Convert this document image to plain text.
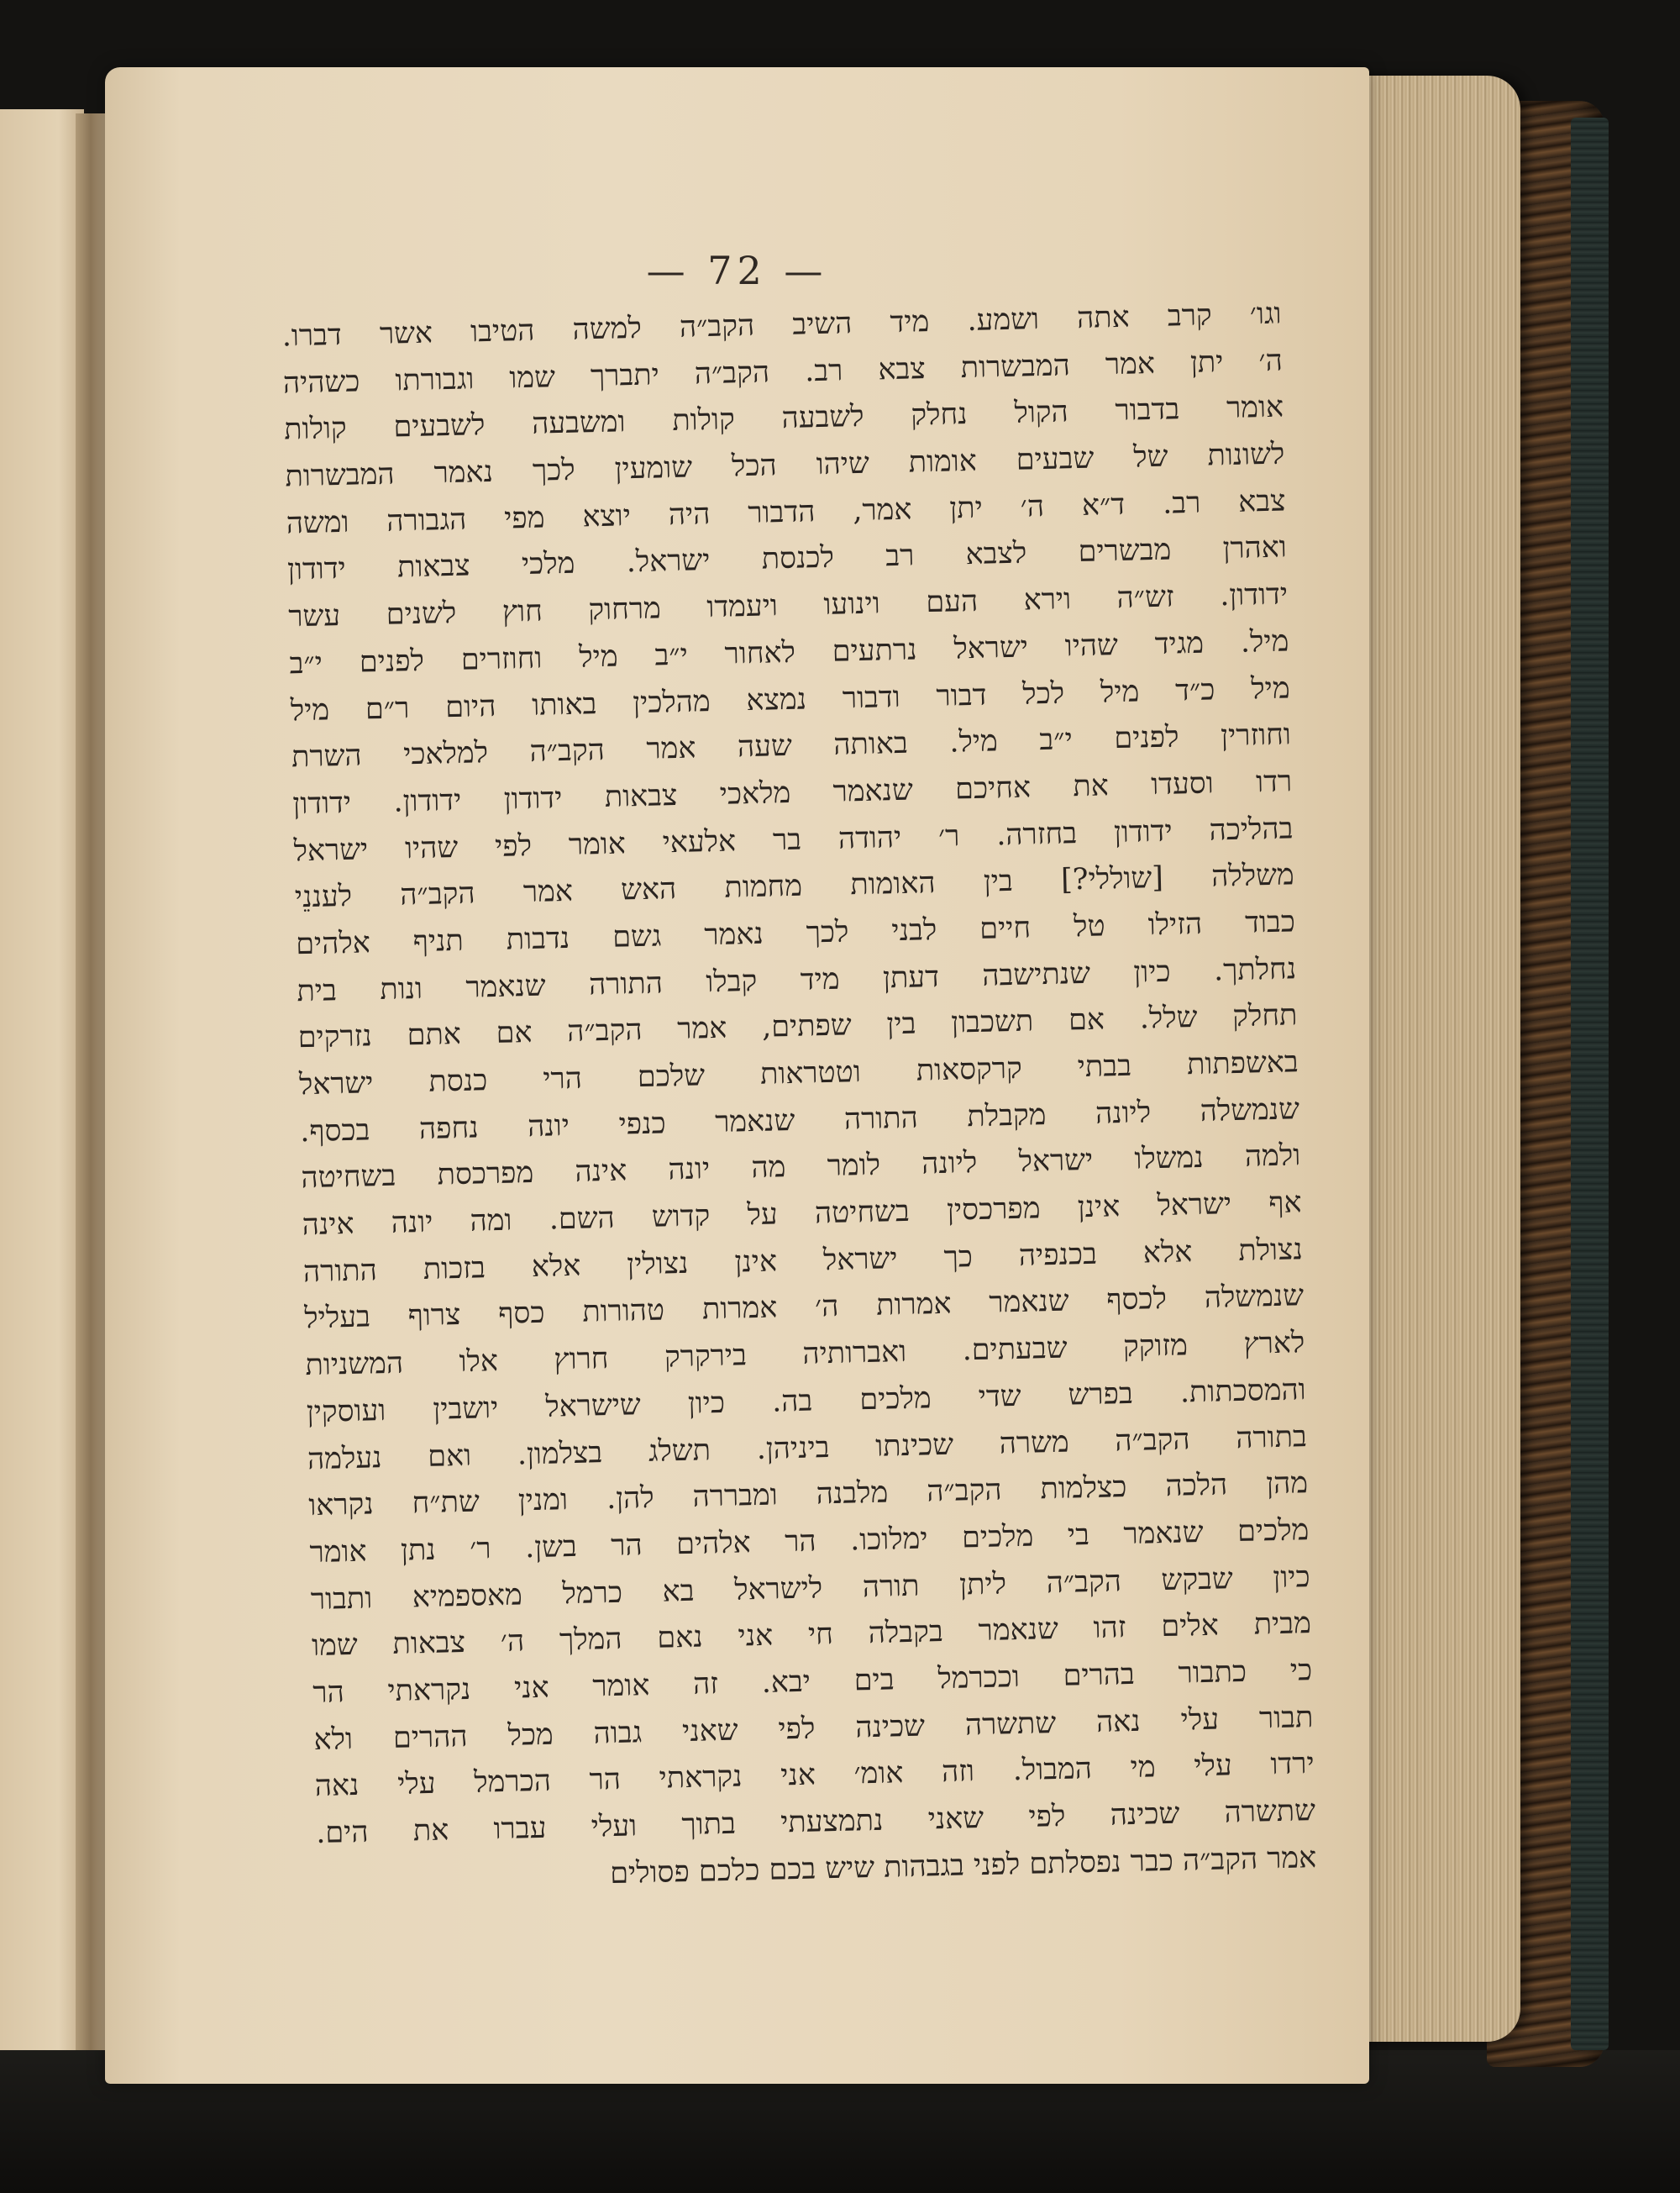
— 72 —
וגו׳ קרב אתה ושמע. מיד השיב הקב״ה למשה הטיבו אשר דברו.
ה׳ יתן אמר המבשרות צבא רב. הקב״ה יתברך שמו וגבורתו כשהיה
אומר בדבור הקול נחלק לשבעה קולות ומשבעה לשבעים קולות
לשונות של שבעים אומות שיהו הכל שומעין לכך נאמר המבשרות
צבא רב. ד״א ה׳ יתן אמר, הדבור היה יוצא מפי הגבורה ומשה
ואהרן מבשרים לצבא רב לכנסת ישראל. מלכי צבאות ידודון
ידודון. זש״ה וירא העם וינועו ויעמדו מרחוק חוץ לשנים עשר
מיל. מגיד שהיו ישראל נרתעים לאחור י״ב מיל וחוזרים לפנים י״ב
מיל כ״ד מיל לכל דבור ודבור נמצא מהלכין באותו היום ר״ם מיל
וחוזרין לפנים י״ב מיל. באותה שעה אמר הקב״ה למלאכי השרת
רדו וסעדו את אחיכם שנאמר מלאכי צבאות ידודון ידודון. ידודון
בהליכה ידודון בחזרה. ר׳ יהודה בר אלעאי אומר לפי שהיו ישראל
משללה [שוללי?] בין האומות מחמות האש אמר הקב״ה לעננֵי
כבוד הזילו טל חיים לבני לכך נאמר גשם נדבות תניף אלהים
נחלתך. כיון שנתישבה דעתן מיד קבלו התורה שנאמר ונות בית
תחלק שלל. אם תשכבון בין שפתים, אמר הקב״ה אם אתם נזרקים
באשפתות בבתי קרקסאות וטטראות שלכם הרי כנסת ישראל
שנמשלה ליונה מקבלת התורה שנאמר כנפי יונה נחפה בכסף.
ולמה נמשלו ישראל ליונה לומר מה יונה אינה מפרכסת בשחיטה
אף ישראל אינן מפרכסין בשחיטה על קדוש השם. ומה יונה אינה
נצולת אלא בכנפיה כך ישראל אינן נצולין אלא בזכות התורה
שנמשלה לכסף שנאמר אמרות ה׳ אמרות טהורות כסף צרוף בעליל
לארץ מזוקק שבעתים. ואברותיה בירקרק חרוץ אלו המשניות
והמסכתות. בפרש שדי מלכים בה. כיון שישראל יושבין ועוסקין
בתורה הקב״ה משרה שכינתו ביניהן. תשלג בצלמון. ואם נעלמה
מהן הלכה כצלמות הקב״ה מלבנה ומבררה להן. ומנין שת״ח נקראו
מלכים שנאמר בי מלכים ימלוכו. הר אלהים הר בשן. ר׳ נתן אומר
כיון שבקש הקב״ה ליתן תורה לישראל בא כרמל מאספמיא ותבור
מבית אלים זהו שנאמר בקבלה חי אני נאם המלך ה׳ צבאות שמו
כי כתבור בהרים וככרמל בים יבא. זה אומר אני נקראתי הר
תבור עלי נאה שתשרה שכינה לפי שאני גבוה מכל ההרים ולא
ירדו עלי מי המבול. וזה אומ׳ אני נקראתי הר הכרמל עלי נאה
שתשרה שכינה לפי שאני נתמצעתי בתוך ועלי עברו את הים.
אמר הקב״ה כבר נפסלתם לפני בגבהות שיש בכם כלכם פסולים
